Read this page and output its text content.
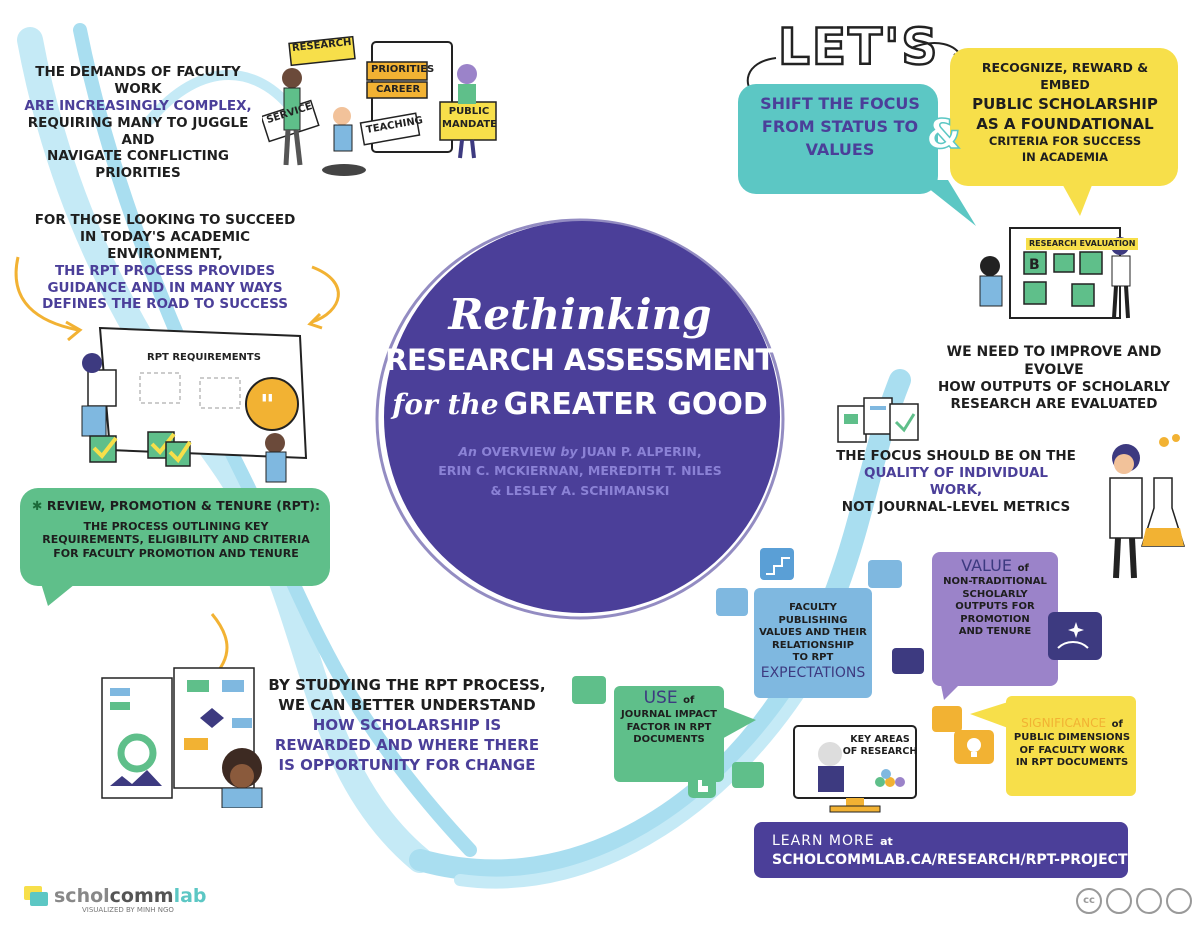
Rethinking
RESEARCH ASSESSMENT
for the GREATER GOOD
An OVERVIEW by JUAN P. ALPERIN,
ERIN C. MCKIERNAN, MEREDITH T. NILES
& LESLEY A. SCHIMANSKI
THE DEMANDS OF FACULTY WORK
ARE INCREASINGLY COMPLEX,
REQUIRING MANY TO JUGGLE AND
NAVIGATE CONFLICTING PRIORITIES
RESEARCH
PRIORITIES
CAREER
SERVICE	TEACHING
PUBLIC
MANDATE
FOR THOSE LOOKING TO SUCCEED
IN TODAY'S ACADEMIC ENVIRONMENT,
THE RPT PROCESS PROVIDES
GUIDANCE AND IN MANY WAYS
DEFINES THE ROAD TO SUCCESS
"
RPT REQUIREMENTS
✱ REVIEW, PROMOTION & TENURE (RPT):
THE PROCESS OUTLINING KEY
REQUIREMENTS, ELIGIBILITY AND CRITERIA
FOR FACULTY PROMOTION AND TENURE
BY STUDYING THE RPT PROCESS,
WE CAN BETTER UNDERSTAND
HOW SCHOLARSHIP IS
REWARDED AND WHERE THERE
IS OPPORTUNITY FOR CHANGE
LET'S
SHIFT THE FOCUS
FROM STATUS TO
VALUES	&
RECOGNIZE, REWARD & EMBED
PUBLIC SCHOLARSHIP
AS A FOUNDATIONAL
CRITERIA FOR SUCCESS
IN ACADEMIA
B
RESEARCH EVALUATION
WE NEED TO IMPROVE AND EVOLVE
HOW OUTPUTS OF SCHOLARLY
RESEARCH ARE EVALUATED
THE FOCUS SHOULD BE ON THE
QUALITY OF INDIVIDUAL WORK,
NOT JOURNAL-LEVEL METRICS
VALUE of
NON-TRADITIONAL
SCHOLARLY
OUTPUTS FOR
PROMOTION
AND TENURE
FACULTY PUBLISHING
VALUES AND THEIR
RELATIONSHIP
TO RPT
EXPECTATIONS
USE of
JOURNAL IMPACT
FACTOR IN RPT
DOCUMENTS	KEY AREAS
OF RESEARCH
SIGNIFICANCE of
PUBLIC DIMENSIONS
OF FACULTY WORK
IN RPT DOCUMENTS
LEARN MORE at
SCHOLCOMMLAB.CA/RESEARCH/RPT-PROJECT
scholcommlab
VISUALIZED BY MINH NGO
cc
